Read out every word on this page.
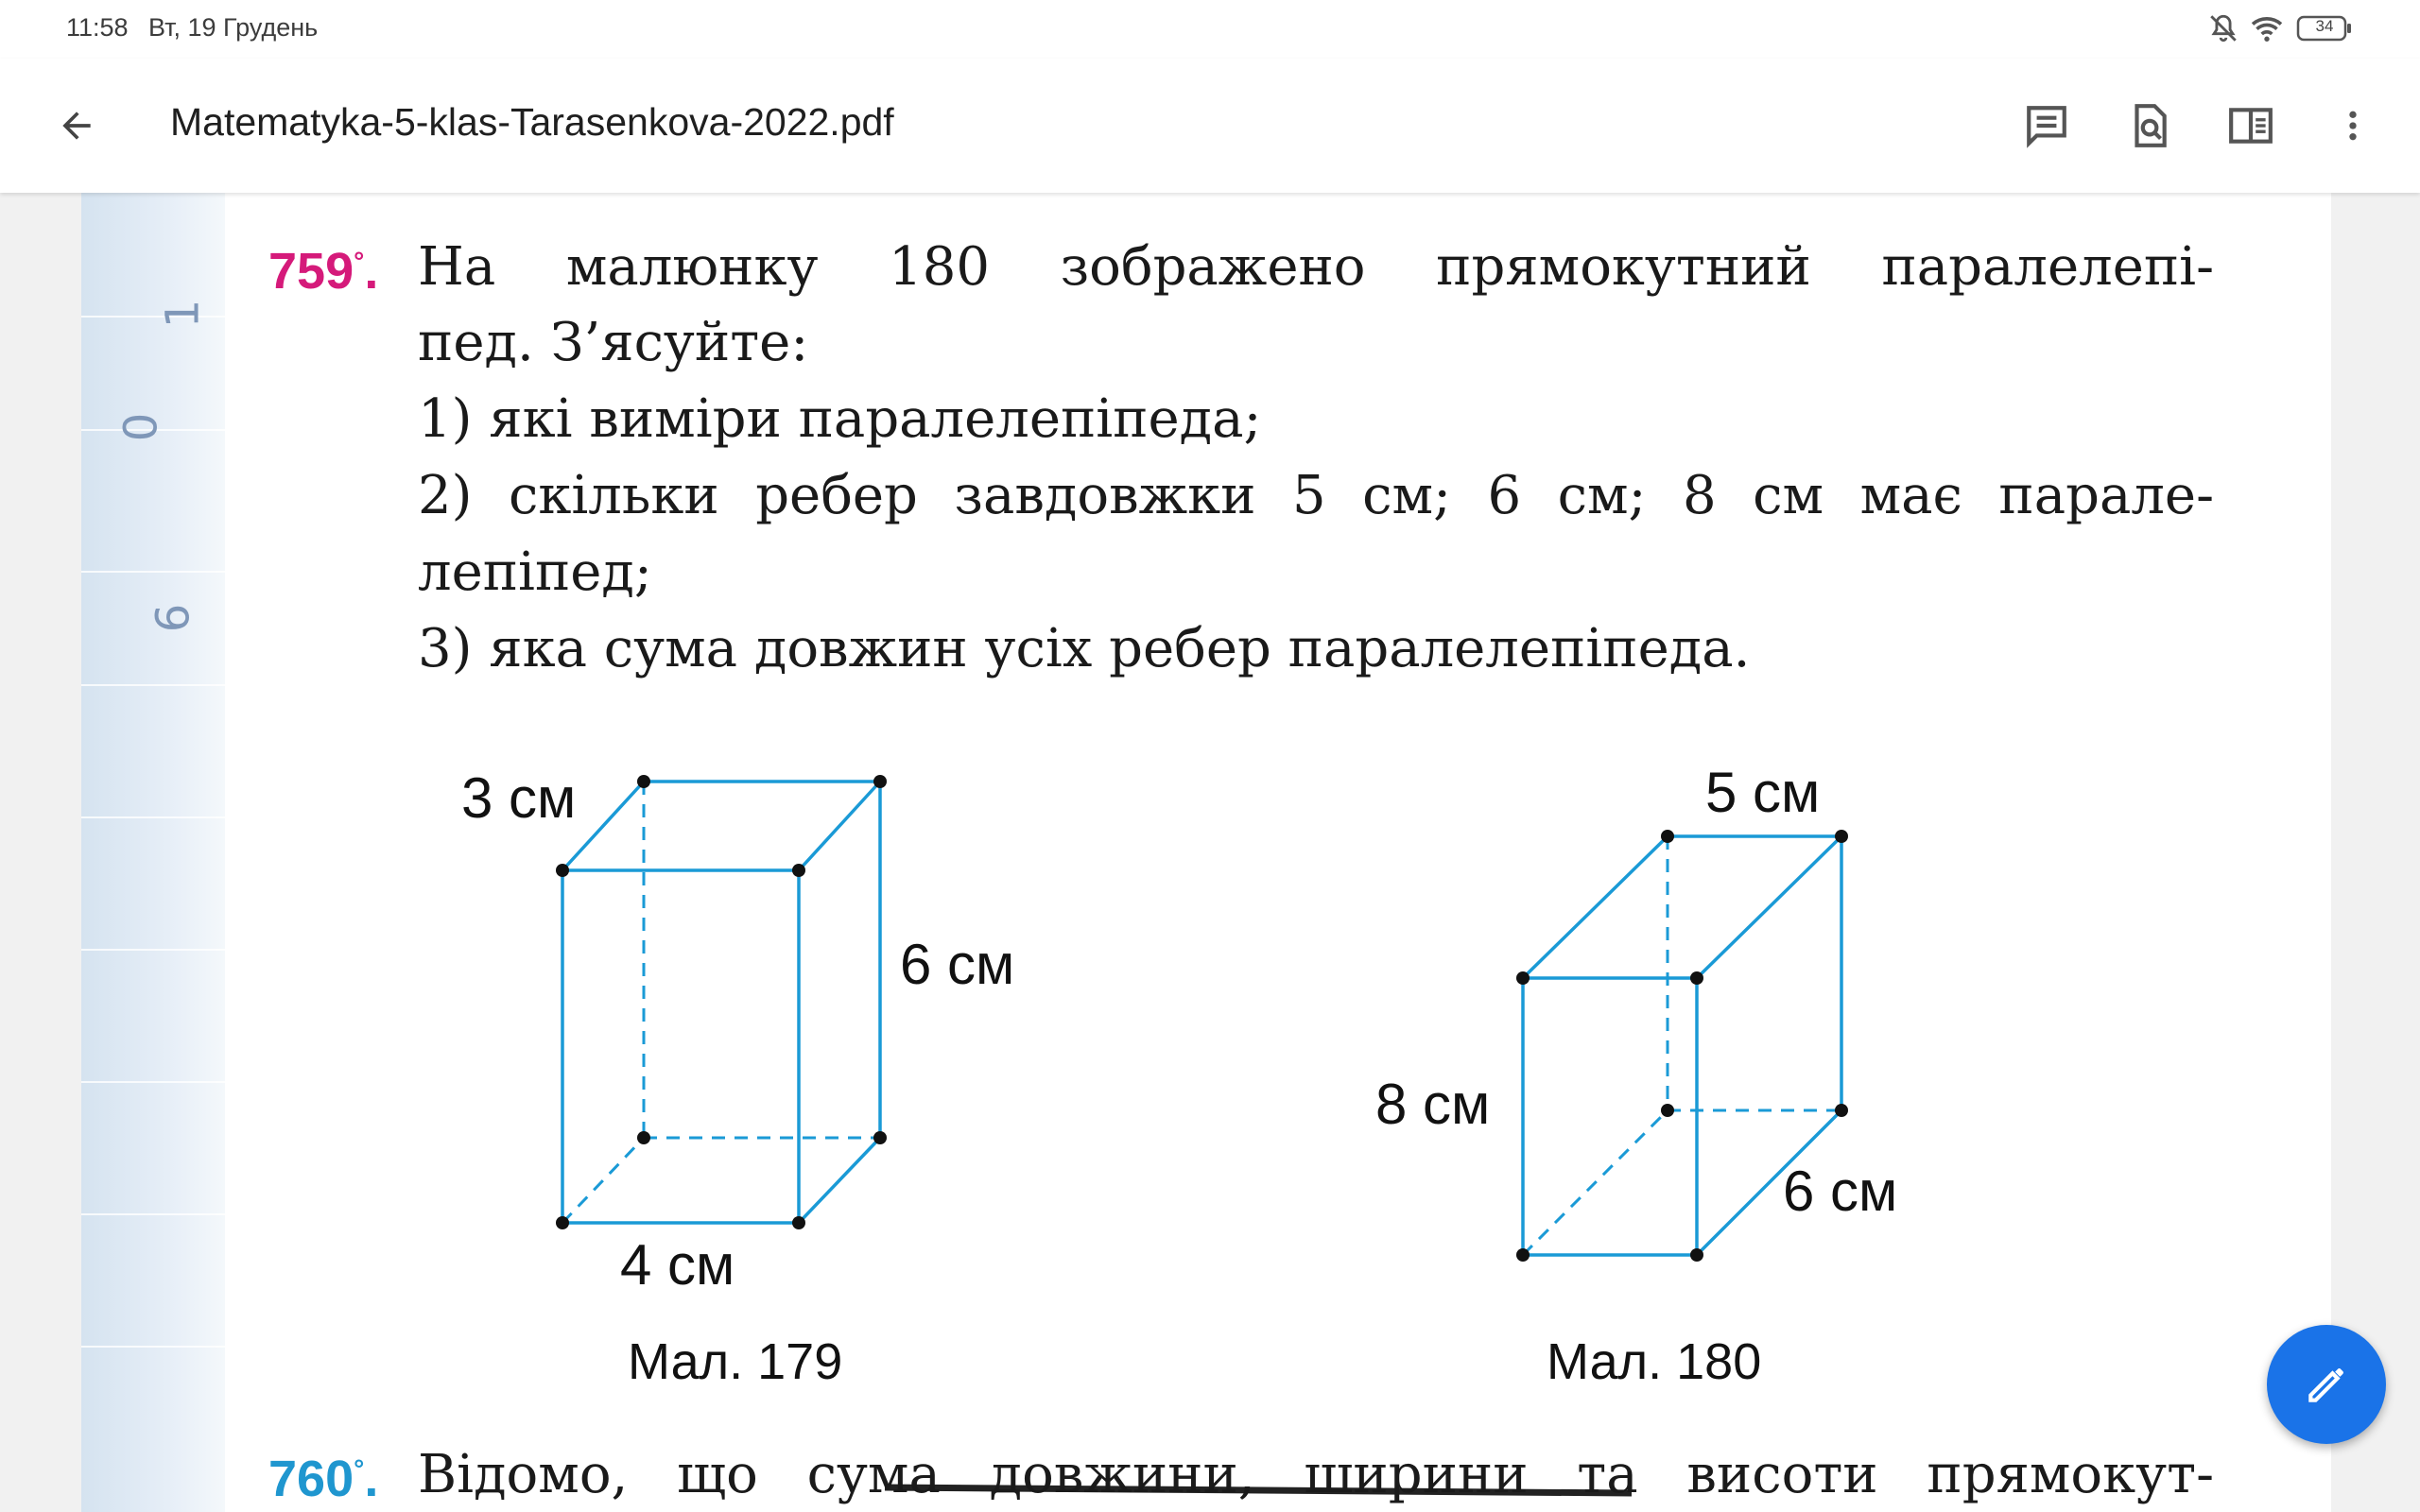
11:58 Вт, 19 Грудень	34
Matematyka-5-klas-Tarasenkova-2022.pdf
1
0
6
759°. На малюнку 180 зображено прямокутний паралелепі-
пед. З’ясуйте:
1) які виміри паралелепіпеда;
2) скільки ребер завдовжки 5 см; 6 см; 8 см має парале-
лепіпед;
3) яка сума довжин усіх ребер паралелепіпеда.
3 см
6 см
4 см
Мал. 179
5 см
8 см
6 см
Мал. 180
760°. Відомо, що сума довжини, ширини та висоти прямокут-
